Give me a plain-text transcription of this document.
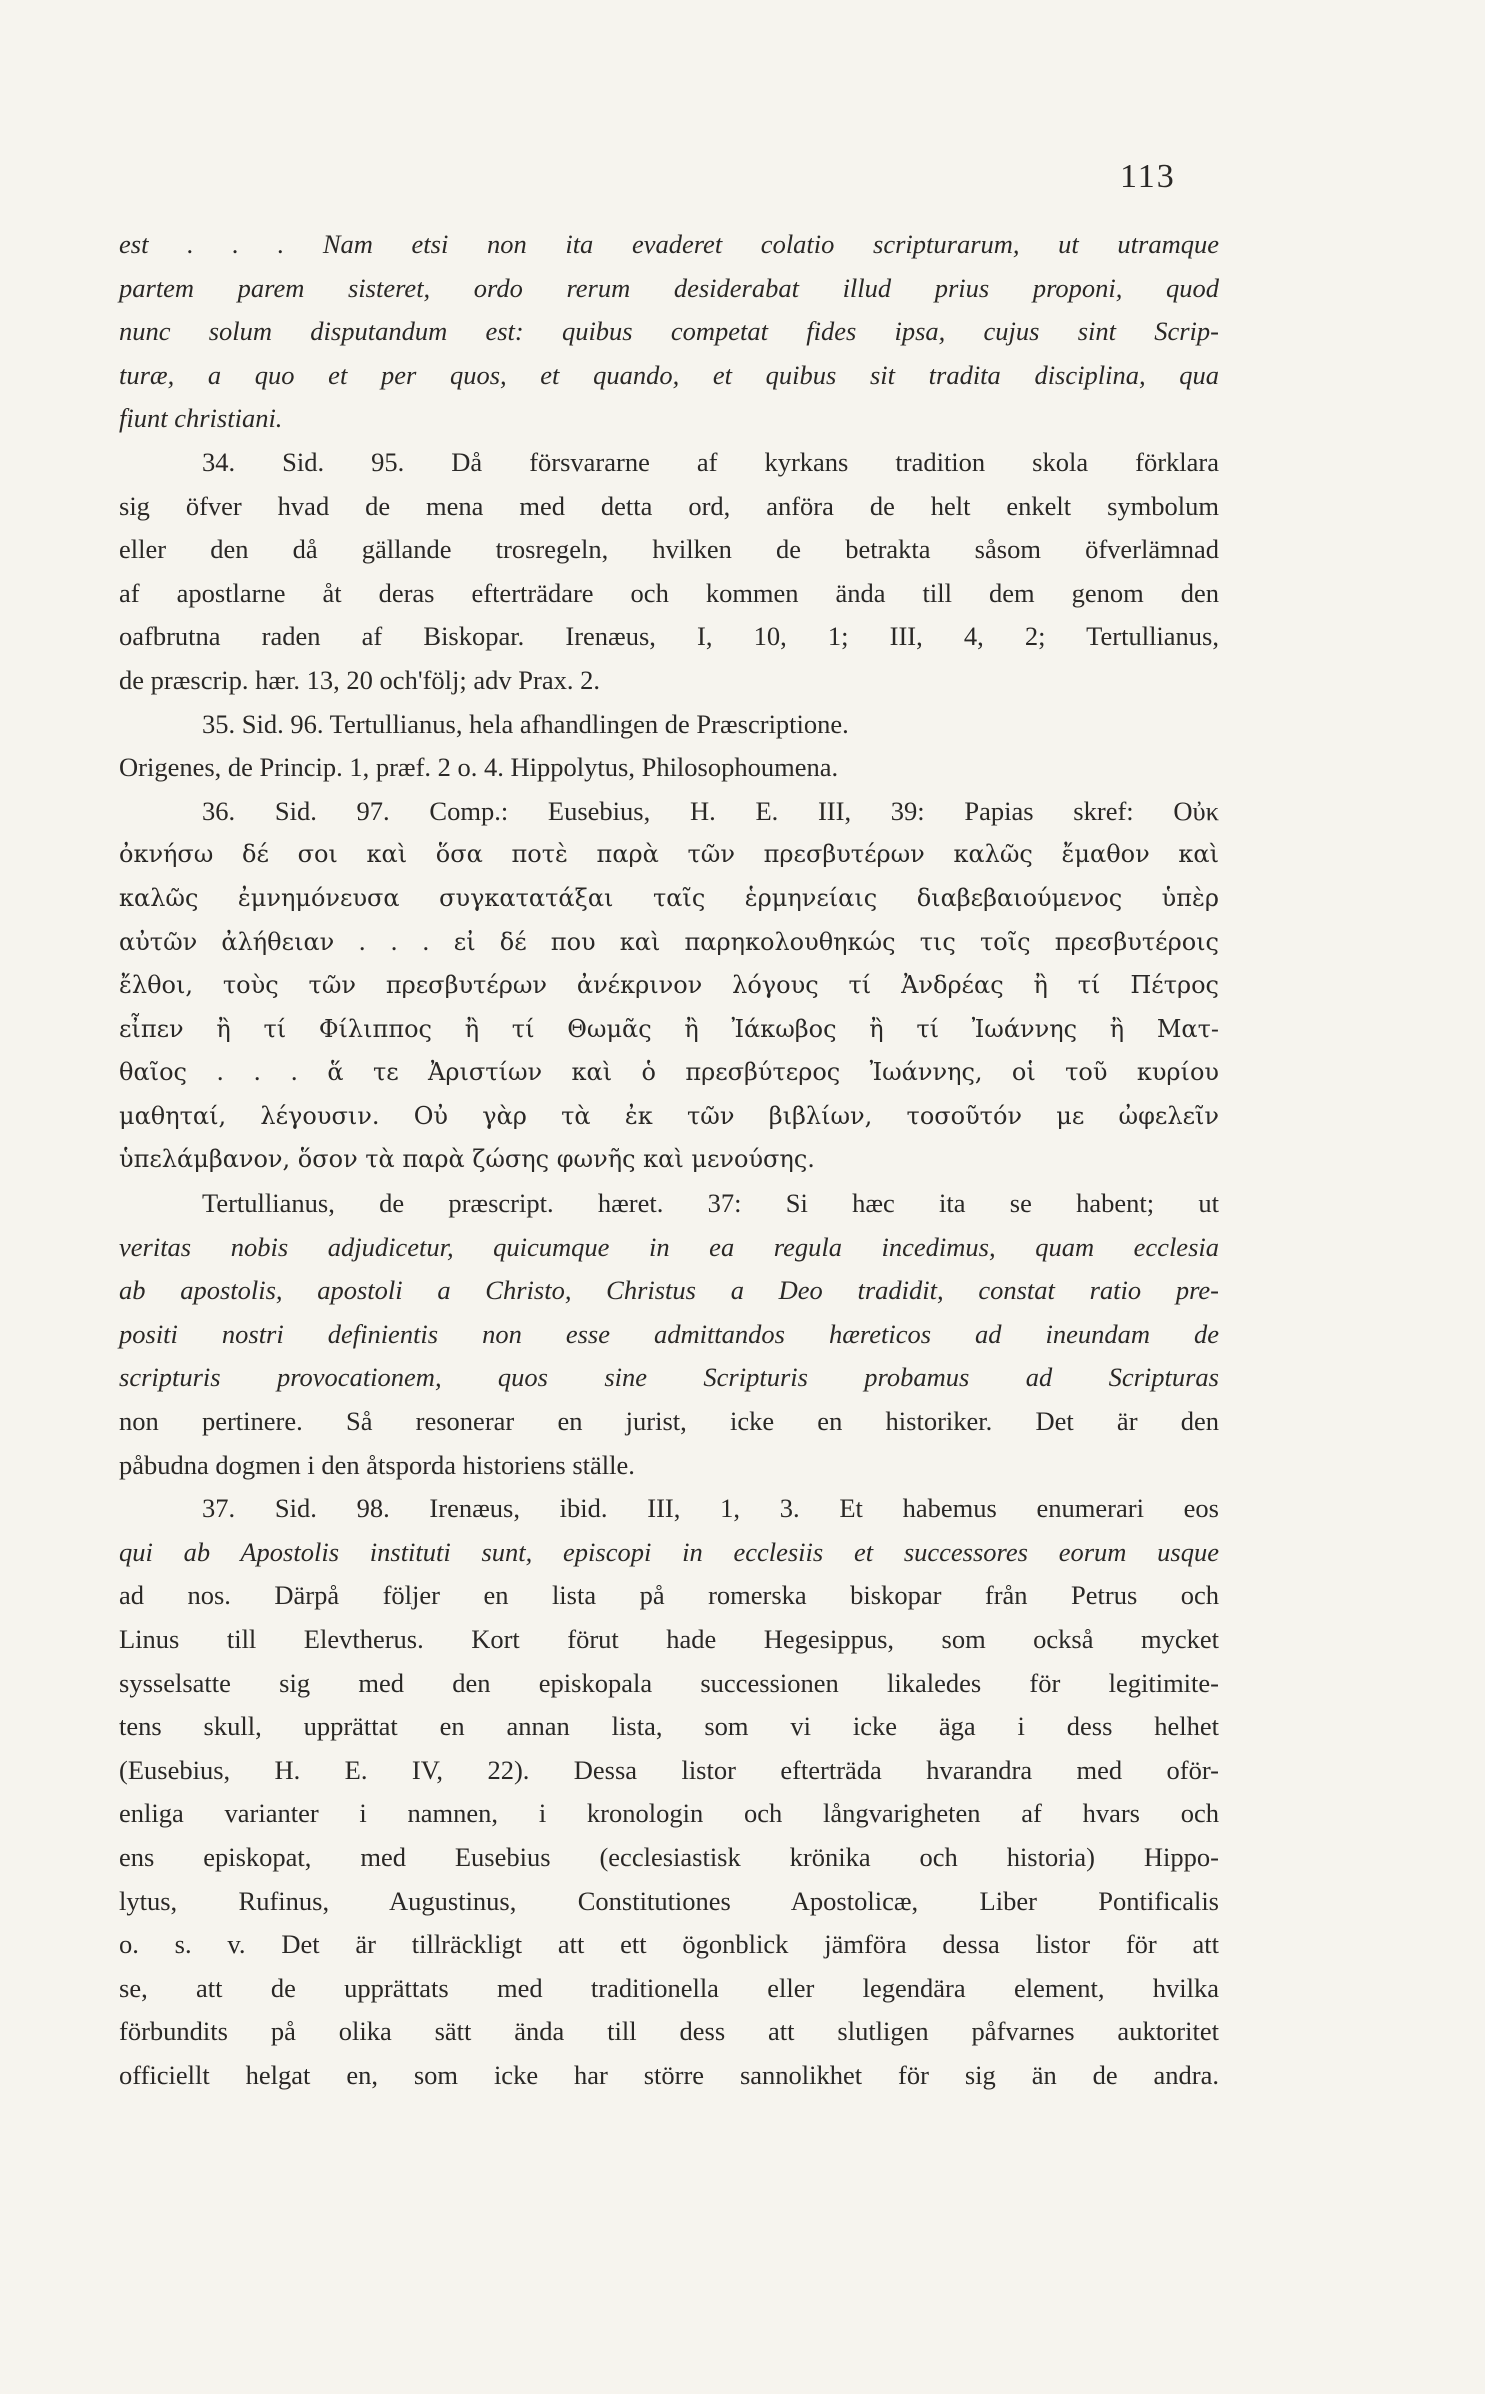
113
est . . . Nam etsi non ita evaderet colatio scripturarum, ut utramque
partem parem sisteret, ordo rerum desiderabat illud prius proponi, quod
nunc solum disputandum est: quibus competat fides ipsa, cujus sint Scrip-
turæ, a quo et per quos, et quando, et quibus sit tradita disciplina, qua
fiunt christiani.
34. Sid. 95. Då försvararne af kyrkans tradition skola förklara
sig öfver hvad de mena med detta ord, anföra de helt enkelt symbolum
eller den då gällande trosregeln, hvilken de betrakta såsom öfverlämnad
af apostlarne åt deras efterträdare och kommen ända till dem genom den
oafbrutna raden af Biskopar. Irenæus, I, 10, 1; III, 4, 2; Tertullianus,
de præscrip. hær. 13, 20 och'följ; adv Prax. 2.
35. Sid. 96. Tertullianus, hela afhandlingen de Præscriptione.
Origenes, de Princip. 1, præf. 2 o. 4. Hippolytus, Philosophoumena.
36. Sid. 97. Comp.: Eusebius, H. E. III, 39: Papias skref: Οὐκ
ὀκνήσω δέ σοι καὶ ὅσα ποτὲ παρὰ τῶν πρεσβυτέρων καλῶς ἔμαθον καὶ
καλῶς ἐμνημόνευσα συγκατατάξαι ταῖς ἑρμηνείαις διαβεβαιούμενος ὑπὲρ
αὐτῶν ἀλήθειαν . . . εἰ δέ που καὶ παρηκολουθηκώς τις τοῖς πρεσβυτέροις
ἔλθοι, τοὺς τῶν πρεσβυτέρων ἀνέκρινον λόγους τί Ἀνδρέας ἢ τί Πέτρος
εἶπεν ἢ τί Φίλιππος ἢ τί Θωμᾶς ἢ Ἰάκωβος ἢ τί Ἰωάννης ἢ Ματ-
θαῖος . . . ἅ τε Ἀριστίων καὶ ὁ πρεσβύτερος Ἰωάννης, οἱ τοῦ κυρίου
μαθηταί, λέγουσιν. Οὐ γὰρ τὰ ἐκ τῶν βιβλίων, τοσοῦτόν με ὠφελεῖν
ὑπελάμβανον, ὅσον τὰ παρὰ ζώσης φωνῆς καὶ μενούσης.
Tertullianus, de præscript. hæret. 37: Si hæc ita se habent; ut
veritas nobis adjudicetur, quicumque in ea regula incedimus, quam ecclesia
ab apostolis, apostoli a Christo, Christus a Deo tradidit, constat ratio pre-
positi nostri definientis non esse admittandos hæreticos ad ineundam de
scripturis provocationem, quos sine Scripturis probamus ad Scripturas
non pertinere. Så resonerar en jurist, icke en historiker. Det är den
påbudna dogmen i den åtsporda historiens ställe.
37. Sid. 98. Irenæus, ibid. III, 1, 3. Et habemus enumerari eos
qui ab Apostolis instituti sunt, episcopi in ecclesiis et successores eorum usque
ad nos. Därpå följer en lista på romerska biskopar från Petrus och
Linus till Elevtherus. Kort förut hade Hegesippus, som också mycket
sysselsatte sig med den episkopala successionen likaledes för legitimite-
tens skull, upprättat en annan lista, som vi icke äga i dess helhet
(Eusebius, H. E. IV, 22). Dessa listor efterträda hvarandra med oför-
enliga varianter i namnen, i kronologin och långvarigheten af hvars och
ens episkopat, med Eusebius (ecclesiastisk krönika och historia) Hippo-
lytus, Rufinus, Augustinus, Constitutiones Apostolicæ, Liber Pontificalis
o. s. v. Det är tillräckligt att ett ögonblick jämföra dessa listor för att
se, att de upprättats med traditionella eller legendära element, hvilka
förbundits på olika sätt ända till dess att slutligen påfvarnes auktoritet
officiellt helgat en, som icke har större sannolikhet för sig än de andra.
